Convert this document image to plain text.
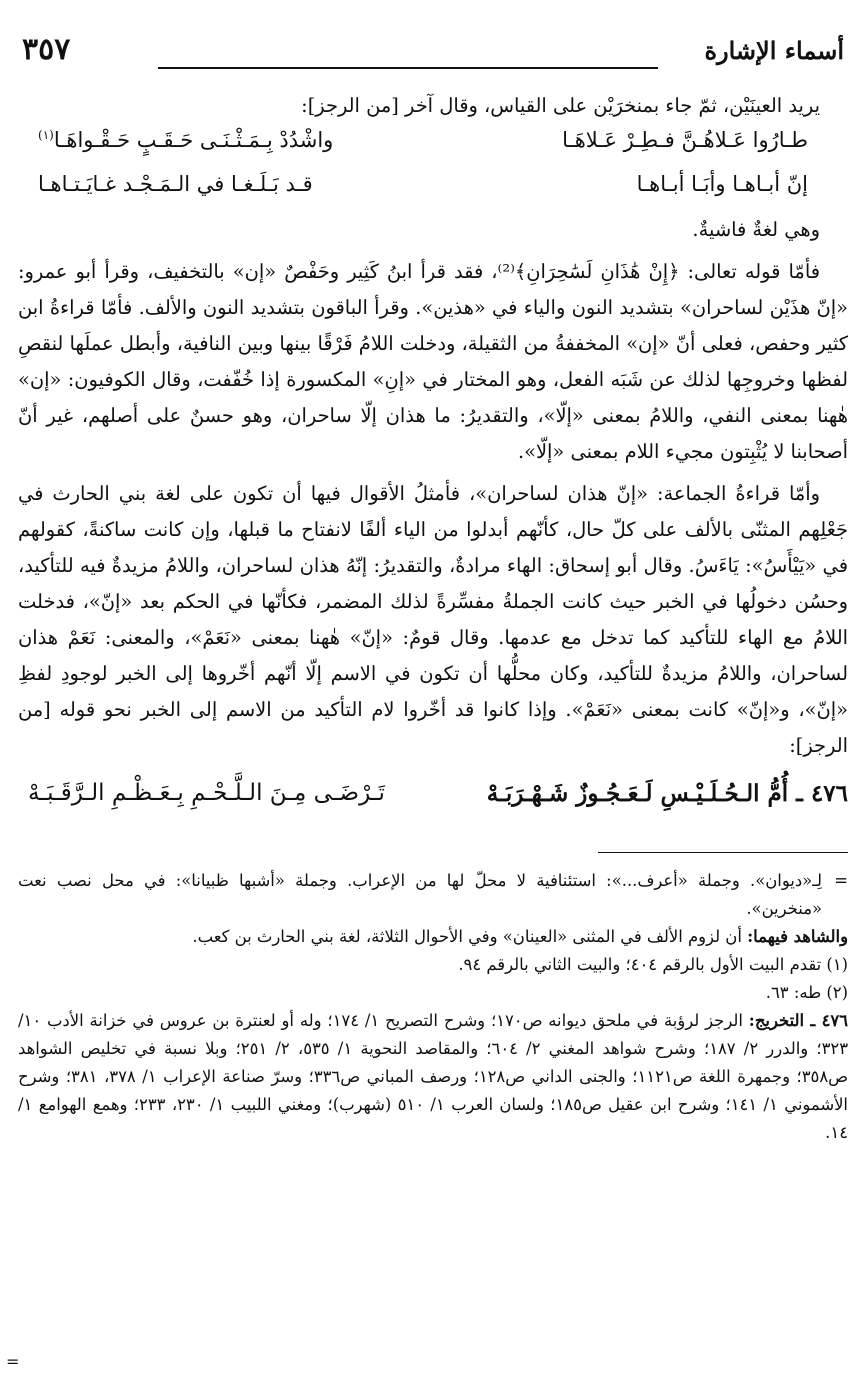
أسماء الإشارة
٣٥٧

يريد العينَيْن، ثمّ جاء بمنخرَيْن على القياس، وقال آخر [من الرجز]:

طـارُوا عَـلاهُـنَّ فـطِـرْ عَـلاهَـا
واشْدُدْ بِـمَـثْـنَـى حَـقَـبٍ حَـقْـواهَـا$^{(١)}$
إنّ أبـاهـا وأبَـا أبـاهـا
قـد بَـلَـغـا في الـمَـجْـد غـايَـتـاهـا

وهي لغةٌ فاشيةٌ.

فأمّا قوله تعالى: ﴿إِنْ هَٰذَانِ لَسَٰحِرَانِ﴾⁽²⁾، فقد قرأ ابنُ كَثِير وحَفْصٌ «إن» بالتخفيف، وقرأ أبو عمرو: «إنّ هذَيْن لساحران» بتشديد النون والياء في «هذين». وقرأ الباقون بتشديد النون والألف. فأمّا قراءةُ ابن كثير وحفص، فعلى أنّ «إن» المخففةُ من الثقيلة، ودخلت اللامُ فَرْقًا بينها وبين النافية، وأبطل عملَها لنقصِ لفظها وخروجِها لذلك عن شَبَه الفعل، وهو المختار في «إنِ» المكسورة إذا خُفّفت، وقال الكوفيون: «إن» هٰهنا بمعنى النفي، واللامُ بمعنى «إلّا»، والتقديرُ: ما هذان إلّا ساحران، وهو حسنٌ على أصلهم، غير أنّ أصحابنا لا يُثْبِتون مجيء اللام بمعنى «إلّا».

وأمّا قراءةُ الجماعة: «إنّ هذان لساحران»، فأمثلُ الأقوال فيها أن تكون على لغة بني الحارث في جَعْلِهم المثنّى بالألف على كلّ حال، كأنّهم أبدلوا من الياء ألفًا لانفتاح ما قبلها، وإن كانت ساكنةً، كقولهم في «يَيْأَسُ»: يَاءَسُ. وقال أبو إسحاق: الهاء مرادةٌ، والتقديرُ: إنّهُ هذان لساحران، واللامُ مزيدةٌ فيه للتأكيد، وحسُن دخولُها في الخبر حيث كانت الجملةُ مفسِّرةً لذلك المضمر، فكأنّها في الحكم بعد «إنّ»، فدخلت اللامُ مع الهاء للتأكيد كما تدخل مع عدمها. وقال قومٌ: «إنّ» هٰهنا بمعنى «نَعَمْ»، والمعنى: نَعَمْ هذان لساحران، واللامُ مزيدةٌ للتأكيد، وكان محلُّها أن تكون في الاسم إلّا أنّهم أخّروها إلى الخبر لوجودِ لفظِ «إنّ»، و«إنّ» كانت بمعنى «نَعَمْ». وإذا كانوا قد أخّروا لام التأكيد من الاسم إلى الخبر نحو قوله [من الرجز]:

٤٧٦ ـ أُمُّ الـحُـلَـيْـسِ لَـعَـجُـوزٌ شَـهْـرَبَـهْ
تَـرْضَـى مِـنَ الـلَّـحْـمِ بِـعَـظْـمِ الـرَّقَـبَـهْ

=
لِـ«ديوان». وجملة «أعرف...»: استئنافية لا محلّ لها من الإعراب. وجملة «أشبها ظبيانا»: في محل نصب نعت «منخرين».

والشاهد فيهما: أن لزوم الألف في المثنى «العينان» وفي الأحوال الثلاثة، لغة بني الحارث بن كعب.

(١) تقدم البيت الأول بالرقم ٤٠٤؛ والبيت الثاني بالرقم ٩٤.

(٢) طه: ٦٣.

٤٧٦ ـ التخريج: الرجز لرؤبة في ملحق ديوانه ص١٧٠؛ وشرح التصريح ١/ ١٧٤؛ وله أو لعنترة بن عروس في خزانة الأدب ١٠/ ٣٢٣؛ والدرر ٢/ ١٨٧؛ وشرح شواهد المغني ٢/ ٦٠٤؛ والمقاصد النحوية ١/ ٥٣٥، ٢/ ٢٥١؛ وبلا نسبة في تخليص الشواهد ص٣٥٨؛ وجمهرة اللغة ص١١٢١؛ والجنى الداني ص١٢٨؛ ورصف المباني ص٣٣٦؛ وسرّ صناعة الإعراب ١/ ٣٧٨، ٣٨١؛ وشرح الأشموني ١/ ١٤١؛ وشرح ابن عقيل ص١٨٥؛ ولسان العرب ١/ ٥١٠ (شهرب)؛ ومغني اللبيب ١/ ٢٣٠، ٢٣٣؛ وهمع الهوامع ١/ ١٤.

=
